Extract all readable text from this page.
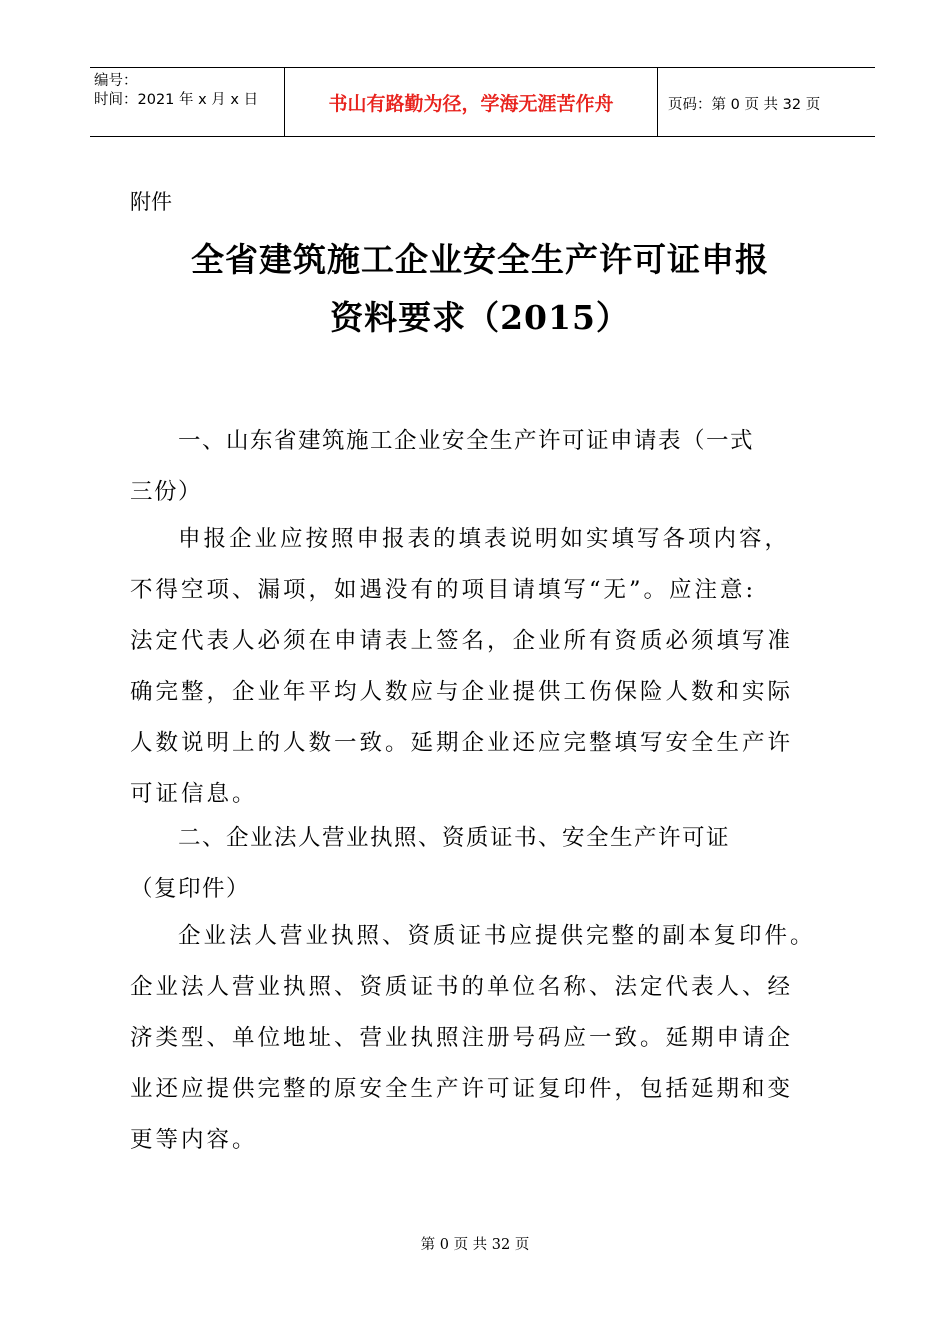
编号：
时间：2021 年 x 月 x 日	书山有路勤为径，学海无涯苦作舟	页码：第 0 页 共 32 页
附件
全省建筑施工企业安全生产许可证申报
资料要求（2015）
一、山东省建筑施工企业安全生产许可证申请表（一式
三份）
申报企业应按照申报表的填表说明如实填写各项内容，
不得空项、漏项，如遇没有的项目请填写“无”。应注意:
法定代表人必须在申请表上签名，企业所有资质必须填写准
确完整，企业年平均人数应与企业提供工伤保险人数和实际
人数说明上的人数一致。延期企业还应完整填写安全生产许
可证信息。
二、企业法人营业执照、资质证书、安全生产许可证
（复印件）
企业法人营业执照、资质证书应提供完整的副本复印件。
企业法人营业执照、资质证书的单位名称、法定代表人、经
济类型、单位地址、营业执照注册号码应一致。延期申请企
业还应提供完整的原安全生产许可证复印件，包括延期和变
更等内容。
第 0 页 共 32 页
